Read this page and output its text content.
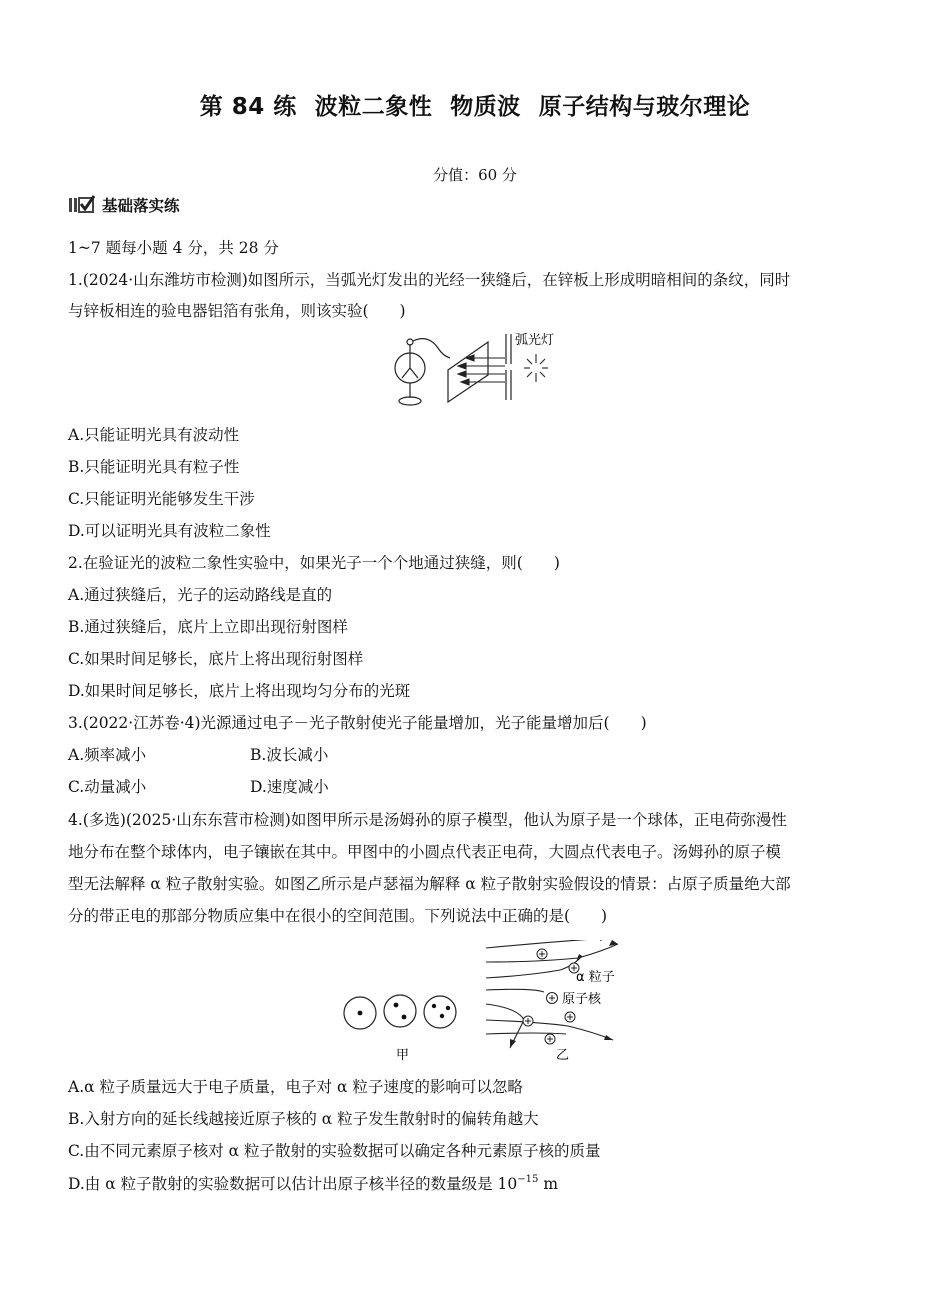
第 84 练 波粒二象性 物质波 原子结构与玻尔理论
分值：60 分
基础落实练
1~7 题每小题 4 分，共 28 分
1.(2024·山东潍坊市检测)如图所示，当弧光灯发出的光经一狭缝后，在锌板上形成明暗相间的条纹，同时
与锌板相连的验电器铝箔有张角，则该实验(　　)
弧光灯
A.只能证明光具有波动性
B.只能证明光具有粒子性
C.只能证明光能够发生干涉
D.可以证明光具有波粒二象性
2.在验证光的波粒二象性实验中，如果光子一个个地通过狭缝，则(　　)
A.通过狭缝后，光子的运动路线是直的
B.通过狭缝后，底片上立即出现衍射图样
C.如果时间足够长，底片上将出现衍射图样
D.如果时间足够长，底片上将出现均匀分布的光斑
3.(2022·江苏卷·4)光源通过电子－光子散射使光子能量增加，光子能量增加后(　　)
A.频率减小	B.波长减小
C.动量减小	D.速度减小
4.(多选)(2025·山东东营市检测)如图甲所示是汤姆孙的原子模型，他认为原子是一个球体，正电荷弥漫性
地分布在整个球体内，电子镶嵌在其中。甲图中的小圆点代表正电荷，大圆点代表电子。汤姆孙的原子模
型无法解释 α 粒子散射实验。如图乙所示是卢瑟福为解释 α 粒子散射实验假设的情景：占原子质量绝大部
分的带正电的那部分物质应集中在很小的空间范围。下列说法中正确的是(　　)
甲
α 粒子
原子核
乙
A.α 粒子质量远大于电子质量，电子对 α 粒子速度的影响可以忽略
B.入射方向的延长线越接近原子核的 α 粒子发生散射时的偏转角越大
C.由不同元素原子核对 α 粒子散射的实验数据可以确定各种元素原子核的质量
D.由 α 粒子散射的实验数据可以估计出原子核半径的数量级是 $10^{-15}$ m
